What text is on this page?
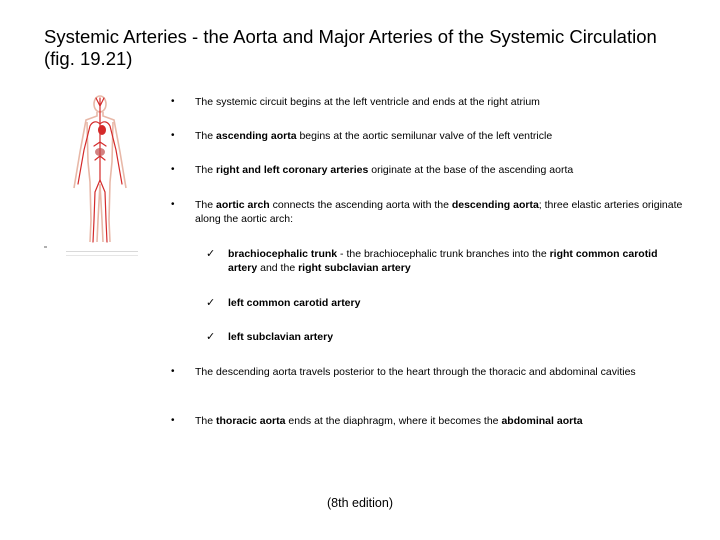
Systemic Arteries - the Aorta and Major Arteries of the Systemic Circulation (fig. 19.21)
• The systemic circuit begins at the left ventricle and ends at the right atrium
• The ascending aorta begins at the aortic semilunar valve of the left ventricle
• The right and left coronary arteries originate at the base of the ascending aorta
• The aortic arch connects the ascending aorta with the descending aorta; three elastic arteries originate along the aortic arch:
✓ brachiocephalic trunk - the brachiocephalic trunk branches into the right common carotid artery and the right subclavian artery
✓ left common carotid artery
✓ left subclavian artery
• The descending aorta travels posterior to the heart through the thoracic and abdominal cavities
• The thoracic aorta ends at the diaphragm, where it becomes the abdominal aorta
(8th edition)
